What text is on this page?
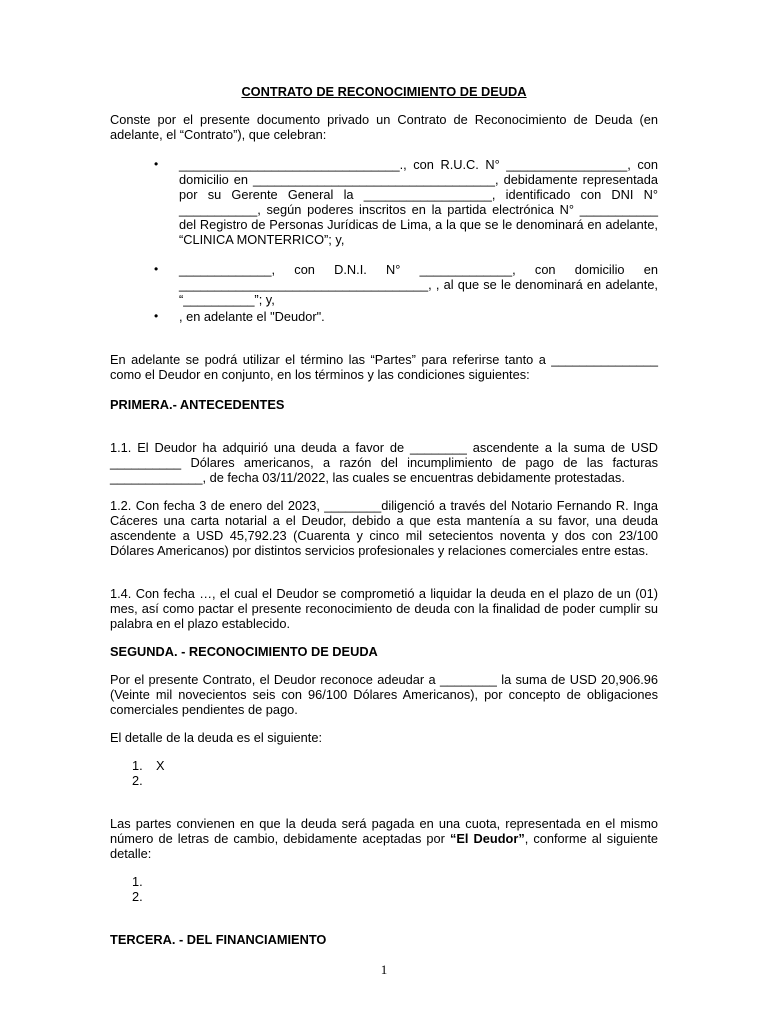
CONTRATO DE RECONOCIMIENTO DE DEUDA

Conste por el presente documento privado un Contrato de Reconocimiento de Deuda (en adelante, el “Contrato”), que celebran:

• _______________________________., con R.U.C. N° _________________, con domicilio en __________________________________, debidamente representada por su Gerente General la __________________, identificado con DNI N° ___________, según poderes inscritos en la partida electrónica N° ___________ del Registro de Personas Jurídicas de Lima, a la que se le denominará en adelante, “CLINICA MONTERRICO”; y,
• _____________, con D.N.I. N° _____________, con domicilio en ___________________________________, , al que se le denominará en adelante, “__________”; y,
• , en adelante el "Deudor".

En adelante se podrá utilizar el término las “Partes” para referirse tanto a _______________ como el Deudor en conjunto, en los términos y las condiciones siguientes:

PRIMERA.- ANTECEDENTES

1.1. El Deudor ha adquirió una deuda a favor de ________ ascendente a la suma de USD __________ Dólares americanos, a razón del incumplimiento de pago de las facturas _____________, de fecha 03/11/2022, las cuales se encuentras debidamente protestadas.

1.2. Con fecha 3 de enero del 2023, ________diligenció a través del Notario Fernando R. Inga Cáceres una carta notarial a el Deudor, debido a que esta mantenía a su favor, una deuda ascendente a USD 45,792.23 (Cuarenta y cinco mil setecientos noventa y dos con 23/100 Dólares Americanos) por distintos servicios profesionales y relaciones comerciales entre estas.

1.4. Con fecha …, el cual el Deudor se comprometió a liquidar la deuda en el plazo de un (01) mes, así como pactar el presente reconocimiento de deuda con la finalidad de poder cumplir su palabra en el plazo establecido.

SEGUNDA. - RECONOCIMIENTO DE DEUDA

Por el presente Contrato, el Deudor reconoce adeudar a ________ la suma de USD 20,906.96 (Veinte mil novecientos seis con 96/100 Dólares Americanos), por concepto de obligaciones comerciales pendientes de pago.

El detalle de la deuda es el siguiente:

1. X
2.

Las partes convienen en que la deuda será pagada en una cuota, representada en el mismo número de letras de cambio, debidamente aceptadas por “El Deudor”, conforme al siguiente detalle:

1.
2.

TERCERA. - DEL FINANCIAMIENTO

1
